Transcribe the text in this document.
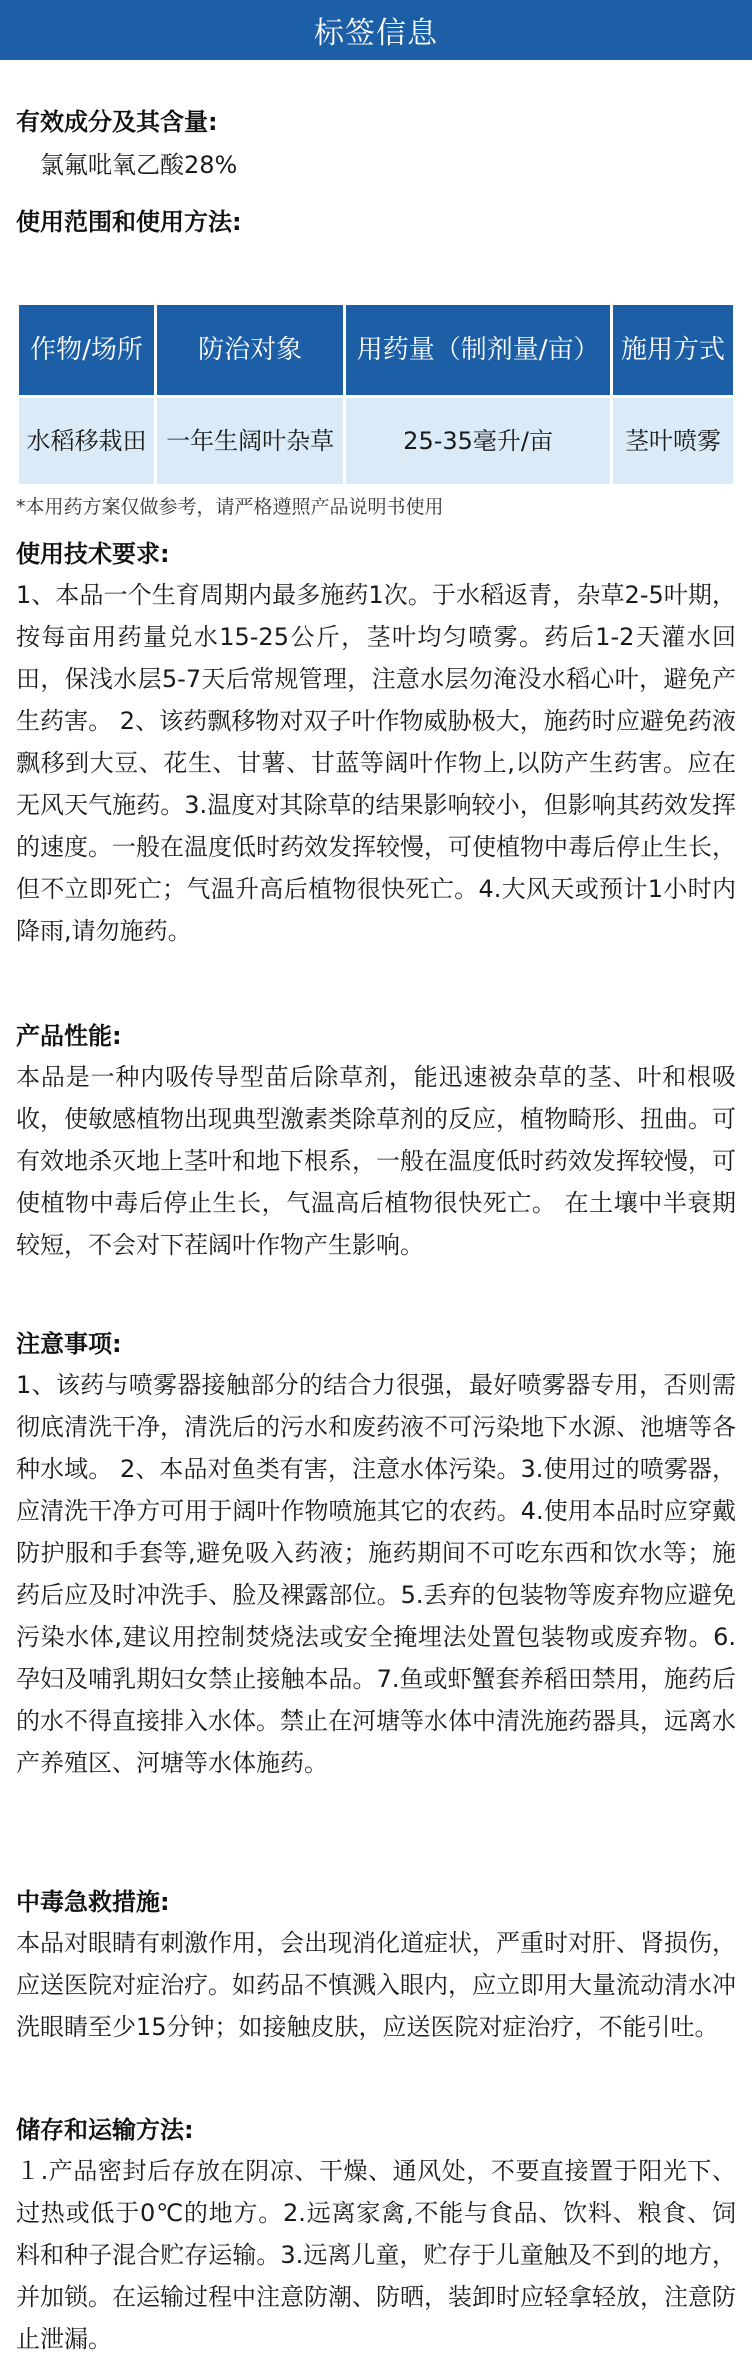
标签信息
有效成分及其含量:
氯氟吡氧乙酸28%
使用范围和使用方法:
作物/场所	防治对象	用药量（制剂量/亩）	施用方式
水稻移栽田	一年生阔叶杂草	25-35毫升/亩	茎叶喷雾
*本用药方案仅做参考，请严格遵照产品说明书使用
使用技术要求:
1、本品一个生育周期内最多施药1次。于水稻返青，杂草2-5叶期，按每亩用药量兑水15-25公斤，茎叶均匀喷雾。药后1-2天灌水回田，保浅水层5-7天后常规管理，注意水层勿淹没水稻心叶，避免产生药害。 2、该药飘移物对双子叶作物威胁极大，施药时应避免药液飘移到大豆、花生、甘薯、甘蓝等阔叶作物上,以防产生药害。应在无风天气施药。3.温度对其除草的结果影响较小，但影响其药效发挥的速度。一般在温度低时药效发挥较慢，可使植物中毒后停止生长，但不立即死亡；气温升高后植物很快死亡。4.大风天或预计1小时内降雨,请勿施药。
产品性能:
本品是一种内吸传导型苗后除草剂，能迅速被杂草的茎、叶和根吸收，使敏感植物出现典型激素类除草剂的反应，植物畸形、扭曲。可有效地杀灭地上茎叶和地下根系，一般在温度低时药效发挥较慢，可使植物中毒后停止生长，气温高后植物很快死亡。 在土壤中半衰期较短，不会对下茬阔叶作物产生影响。
注意事项:
1、该药与喷雾器接触部分的结合力很强，最好喷雾器专用，否则需彻底清洗干净，清洗后的污水和废药液不可污染地下水源、池塘等各种水域。 2、本品对鱼类有害，注意水体污染。3.使用过的喷雾器，应清洗干净方可用于阔叶作物喷施其它的农药。4.使用本品时应穿戴防护服和手套等,避免吸入药液；施药期间不可吃东西和饮水等；施药后应及时冲洗手、脸及裸露部位。5.丢弃的包装物等废弃物应避免污染水体,建议用控制焚烧法或安全掩埋法处置包装物或废弃物。6.孕妇及哺乳期妇女禁止接触本品。7.鱼或虾蟹套养稻田禁用，施药后的水不得直接排入水体。禁止在河塘等水体中清洗施药器具，远离水产养殖区、河塘等水体施药。
中毒急救措施:
本品对眼睛有刺激作用，会出现消化道症状，严重时对肝、肾损伤，应送医院对症治疗。如药品不慎溅入眼内，应立即用大量流动清水冲洗眼睛至少15分钟；如接触皮肤，应送医院对症治疗，不能引吐。
储存和运输方法:
１.产品密封后存放在阴凉、干燥、通风处，不要直接置于阳光下、过热或低于0℃的地方。2.远离家禽,不能与食品、饮料、粮食、饲料和种子混合贮存运输。3.远离儿童，贮存于儿童触及不到的地方，并加锁。在运输过程中注意防潮、防晒，装卸时应轻拿轻放，注意防止泄漏。
